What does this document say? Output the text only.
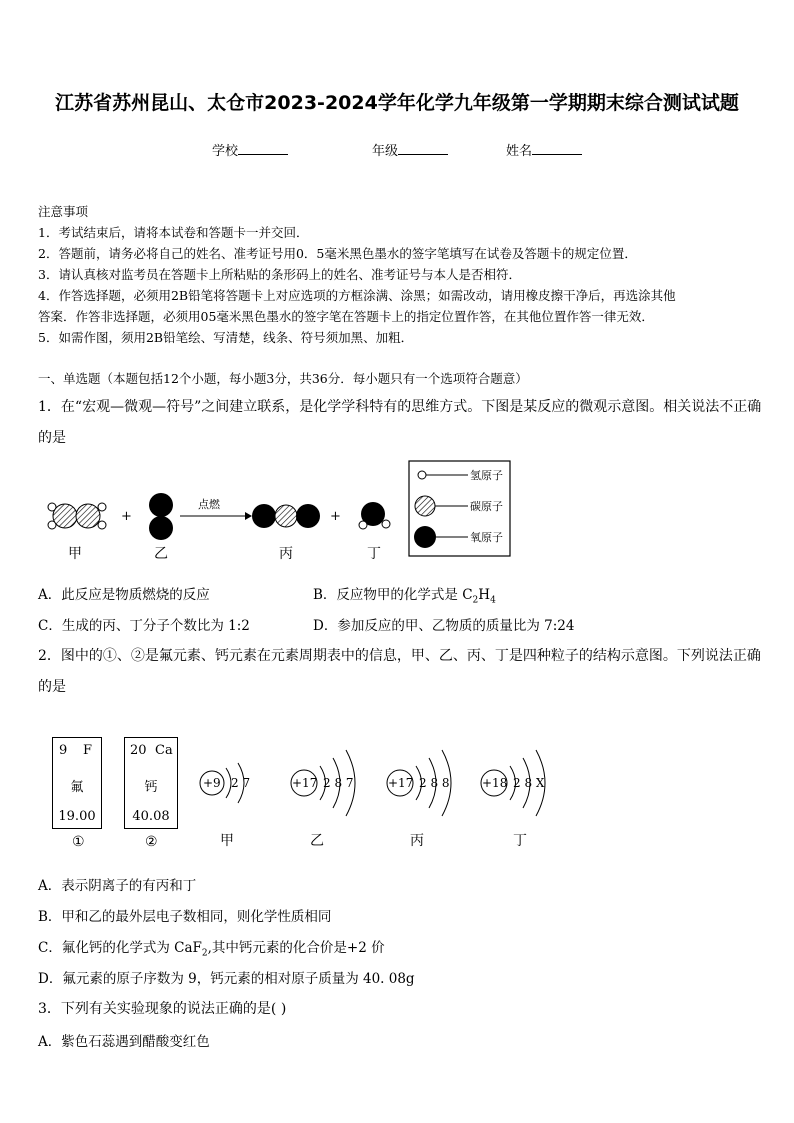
江苏省苏州昆山、太仓市2023-2024学年化学九年级第一学期期末综合测试试题
学校	年级	姓名
注意事项
1．考试结束后，请将本试卷和答题卡一并交回．
2．答题前，请务必将自己的姓名、准考证号用0．5毫米黑色墨水的签字笔填写在试卷及答题卡的规定位置．
3．请认真核对监考员在答题卡上所粘贴的条形码上的姓名、准考证号与本人是否相符．
4．作答选择题，必须用2B铅笔将答题卡上对应选项的方框涂满、涂黑；如需改动，请用橡皮擦干净后，再选涂其他
答案．作答非选择题，必须用05毫米黑色墨水的签字笔在答题卡上的指定位置作答，在其他位置作答一律无效．
5．如需作图，须用2B铅笔绘、写清楚，线条、符号须加黑、加粗．
一、单选题（本题包括12个小题，每小题3分，共36分．每小题只有一个选项符合题意）
1．在“宏观—微观—符号”之间建立联系，是化学学科特有的思维方式。下图是某反应的微观示意图。相关说法不正确
的是
+
点燃
+
甲	乙	丙	丁
氢原子
碳原子
氧原子
A．此反应是物质燃烧的反应	B．反应物甲的化学式是 $C_2H_4$
C．生成的丙、丁分子个数比为 1:2	D．参加反应的甲、乙物质的质量比为 7:24
2．图中的①、②是氟元素、钙元素在元素周期表中的信息，甲、乙、丙、丁是四种粒子的结构示意图。下列说法正确
的是
9 F
氟
19.00
①
20 Ca
钙
40.08
②
+9 2 7	+17 2 8 7	+17 2 8 8	+18 2 8 X
甲	乙	丙	丁
A．表示阴离子的有丙和丁
B．甲和乙的最外层电子数相同，则化学性质相同
C．氟化钙的化学式为 CaF$_2$,其中钙元素的化合价是+2 价
D．氟元素的原子序数为 9，钙元素的相对原子质量为 40. 08g
3．下列有关实验现象的说法正确的是( )
A．紫色石蕊遇到醋酸变红色
